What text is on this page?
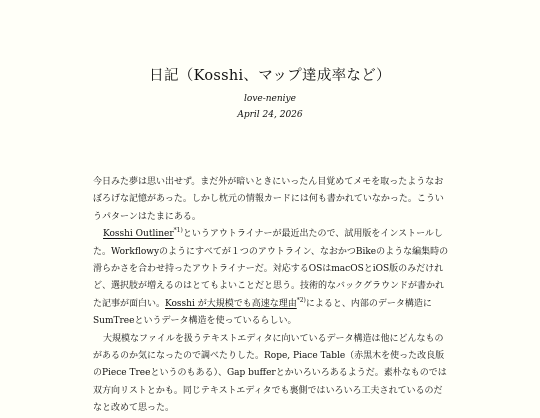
日記（Kosshi、マップ達成率など）
love-neniye
April 24, 2026

今日みた夢は思い出せず。まだ外が暗いときにいったん目覚めてメモを取ったようなおぼろげな記憶があった。しかし枕元の情報カードには何も書かれていなかった。こういうパターンはたまにある。

Kosshi Outliner$^{*1)}$というアウトライナーが最近出たので、試用版をインストールした。Workflowyのようにすべてが１つのアウトライン、なおかつBikeのような編集時の滑らかさを合わせ持ったアウトライナーだ。対応するOSはmacOSとiOS版のみだけれど、選択肢が増えるのはとてもよいことだと思う。技術的なバックグラウンドが書かれた記事が面白い。Kosshi が大規模でも高速な理由$^{*2)}$によると、内部のデータ構造にSumTreeというデータ構造を使っているらしい。

大規模なファイルを扱うテキストエディタに向いているデータ構造は他にどんなものがあるのか気になったので調べたりした。Rope, Piace Table（赤黒木を使った改良版のPiece Treeというのもある）、Gap bufferとかいろいろあるようだ。素朴なものでは双方向リストとかも。同じテキストエディタでも裏側ではいろいろ工夫されているのだなと改めて思った。
